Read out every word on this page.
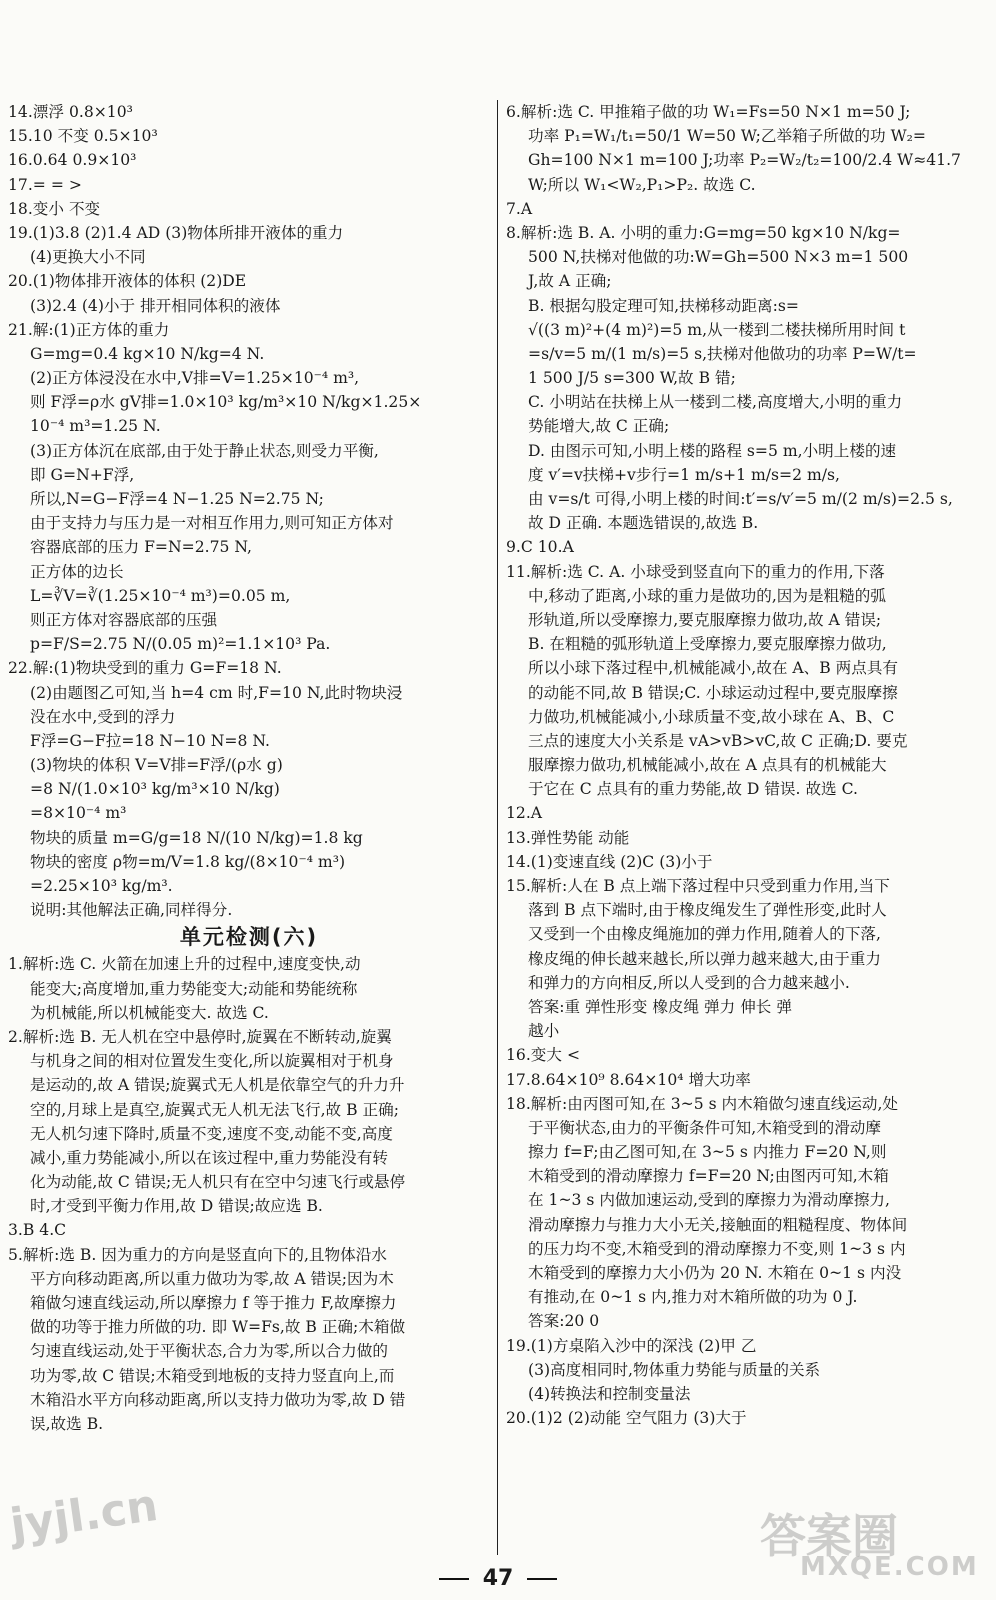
14.漂浮 0.8×10³
15.10 不变 0.5×10³
16.0.64 0.9×10³
17.= = >
18.变小 不变
19.(1)3.8 (2)1.4 AD (3)物体所排开液体的重力
(4)更换大小不同
20.(1)物体排开液体的体积 (2)DE
(3)2.4 (4)小于 排开相同体积的液体
21.解:(1)正方体的重力
G=mg=0.4 kg×10 N/kg=4 N.
(2)正方体浸没在水中,V排=V=1.25×10⁻⁴ m³,
则 F浮=ρ水 gV排=1.0×10³ kg/m³×10 N/kg×1.25×
10⁻⁴ m³=1.25 N.
(3)正方体沉在底部,由于处于静止状态,则受力平衡,
即 G=N+F浮,
所以,N=G−F浮=4 N−1.25 N=2.75 N;
由于支持力与压力是一对相互作用力,则可知正方体对
容器底部的压力 F=N=2.75 N,
正方体的边长
L=∛V=∛(1.25×10⁻⁴ m³)=0.05 m,
则正方体对容器底部的压强
p=F/S=2.75 N/(0.05 m)²=1.1×10³ Pa.
22.解:(1)物块受到的重力 G=F=18 N.
(2)由题图乙可知,当 h=4 cm 时,F=10 N,此时物块浸
没在水中,受到的浮力
F浮=G−F拉=18 N−10 N=8 N.
(3)物块的体积 V=V排=F浮/(ρ水 g)
=8 N/(1.0×10³ kg/m³×10 N/kg)
=8×10⁻⁴ m³
物块的质量 m=G/g=18 N/(10 N/kg)=1.8 kg
物块的密度 ρ物=m/V=1.8 kg/(8×10⁻⁴ m³)
=2.25×10³ kg/m³.
说明:其他解法正确,同样得分.
单元检测(六)
1.解析:选 C. 火箭在加速上升的过程中,速度变快,动
能变大;高度增加,重力势能变大;动能和势能统称
为机械能,所以机械能变大. 故选 C.
2.解析:选 B. 无人机在空中悬停时,旋翼在不断转动,旋翼
与机身之间的相对位置发生变化,所以旋翼相对于机身
是运动的,故 A 错误;旋翼式无人机是依靠空气的升力升
空的,月球上是真空,旋翼式无人机无法飞行,故 B 正确;
无人机匀速下降时,质量不变,速度不变,动能不变,高度
减小,重力势能减小,所以在该过程中,重力势能没有转
化为动能,故 C 错误;无人机只有在空中匀速飞行或悬停
时,才受到平衡力作用,故 D 错误;故应选 B.
3.B 4.C
5.解析:选 B. 因为重力的方向是竖直向下的,且物体沿水
平方向移动距离,所以重力做功为零,故 A 错误;因为木
箱做匀速直线运动,所以摩擦力 f 等于推力 F,故摩擦力
做的功等于推力所做的功. 即 W=Fs,故 B 正确;木箱做
匀速直线运动,处于平衡状态,合力为零,所以合力做的
功为零,故 C 错误;木箱受到地板的支持力竖直向上,而
木箱沿水平方向移动距离,所以支持力做功为零,故 D 错
误,故选 B.
6.解析:选 C. 甲推箱子做的功 W₁=Fs=50 N×1 m=50 J;
功率 P₁=W₁/t₁=50/1 W=50 W;乙举箱子所做的功 W₂=
Gh=100 N×1 m=100 J;功率 P₂=W₂/t₂=100/2.4 W≈41.7
W;所以 W₁<W₂,P₁>P₂. 故选 C.
7.A
8.解析:选 B. A. 小明的重力:G=mg=50 kg×10 N/kg=
500 N,扶梯对他做的功:W=Gh=500 N×3 m=1 500
J,故 A 正确;
B. 根据勾股定理可知,扶梯移动距离:s=
√((3 m)²+(4 m)²)=5 m,从一楼到二楼扶梯所用时间 t
=s/v=5 m/(1 m/s)=5 s,扶梯对他做功的功率 P=W/t=
1 500 J/5 s=300 W,故 B 错;
C. 小明站在扶梯上从一楼到二楼,高度增大,小明的重力
势能增大,故 C 正确;
D. 由图示可知,小明上楼的路程 s=5 m,小明上楼的速
度 v′=v扶梯+v步行=1 m/s+1 m/s=2 m/s,
由 v=s/t 可得,小明上楼的时间:t′=s/v′=5 m/(2 m/s)=2.5 s,
故 D 正确. 本题选错误的,故选 B.
9.C 10.A
11.解析:选 C. A. 小球受到竖直向下的重力的作用,下落
中,移动了距离,小球的重力是做功的,因为是粗糙的弧
形轨道,所以受摩擦力,要克服摩擦力做功,故 A 错误;
B. 在粗糙的弧形轨道上受摩擦力,要克服摩擦力做功,
所以小球下落过程中,机械能减小,故在 A、B 两点具有
的动能不同,故 B 错误;C. 小球运动过程中,要克服摩擦
力做功,机械能减小,小球质量不变,故小球在 A、B、C
三点的速度大小关系是 vA>vB>vC,故 C 正确;D. 要克
服摩擦力做功,机械能减小,故在 A 点具有的机械能大
于它在 C 点具有的重力势能,故 D 错误. 故选 C.
12.A
13.弹性势能 动能
14.(1)变速直线 (2)C (3)小于
15.解析:人在 B 点上端下落过程中只受到重力作用,当下
落到 B 点下端时,由于橡皮绳发生了弹性形变,此时人
又受到一个由橡皮绳施加的弹力作用,随着人的下落,
橡皮绳的伸长越来越长,所以弹力越来越大,由于重力
和弹力的方向相反,所以人受到的合力越来越小.
答案:重 弹性形变 橡皮绳 弹力 伸长 弹
越小
16.变大 <
17.8.64×10⁹ 8.64×10⁴ 增大功率
18.解析:由丙图可知,在 3~5 s 内木箱做匀速直线运动,处
于平衡状态,由力的平衡条件可知,木箱受到的滑动摩
擦力 f=F;由乙图可知,在 3~5 s 内推力 F=20 N,则
木箱受到的滑动摩擦力 f=F=20 N;由图丙可知,木箱
在 1~3 s 内做加速运动,受到的摩擦力为滑动摩擦力,
滑动摩擦力与推力大小无关,接触面的粗糙程度、物体间
的压力均不变,木箱受到的滑动摩擦力不变,则 1~3 s 内
木箱受到的摩擦力大小仍为 20 N. 木箱在 0~1 s 内没
有推动,在 0~1 s 内,推力对木箱所做的功为 0 J.
答案:20 0
19.(1)方桌陷入沙中的深浅 (2)甲 乙
(3)高度相同时,物体重力势能与质量的关系
(4)转换法和控制变量法
20.(1)2 (2)动能 空气阻力 (3)大于
47
jyjl.cn	答案圈
MXQE.COM
